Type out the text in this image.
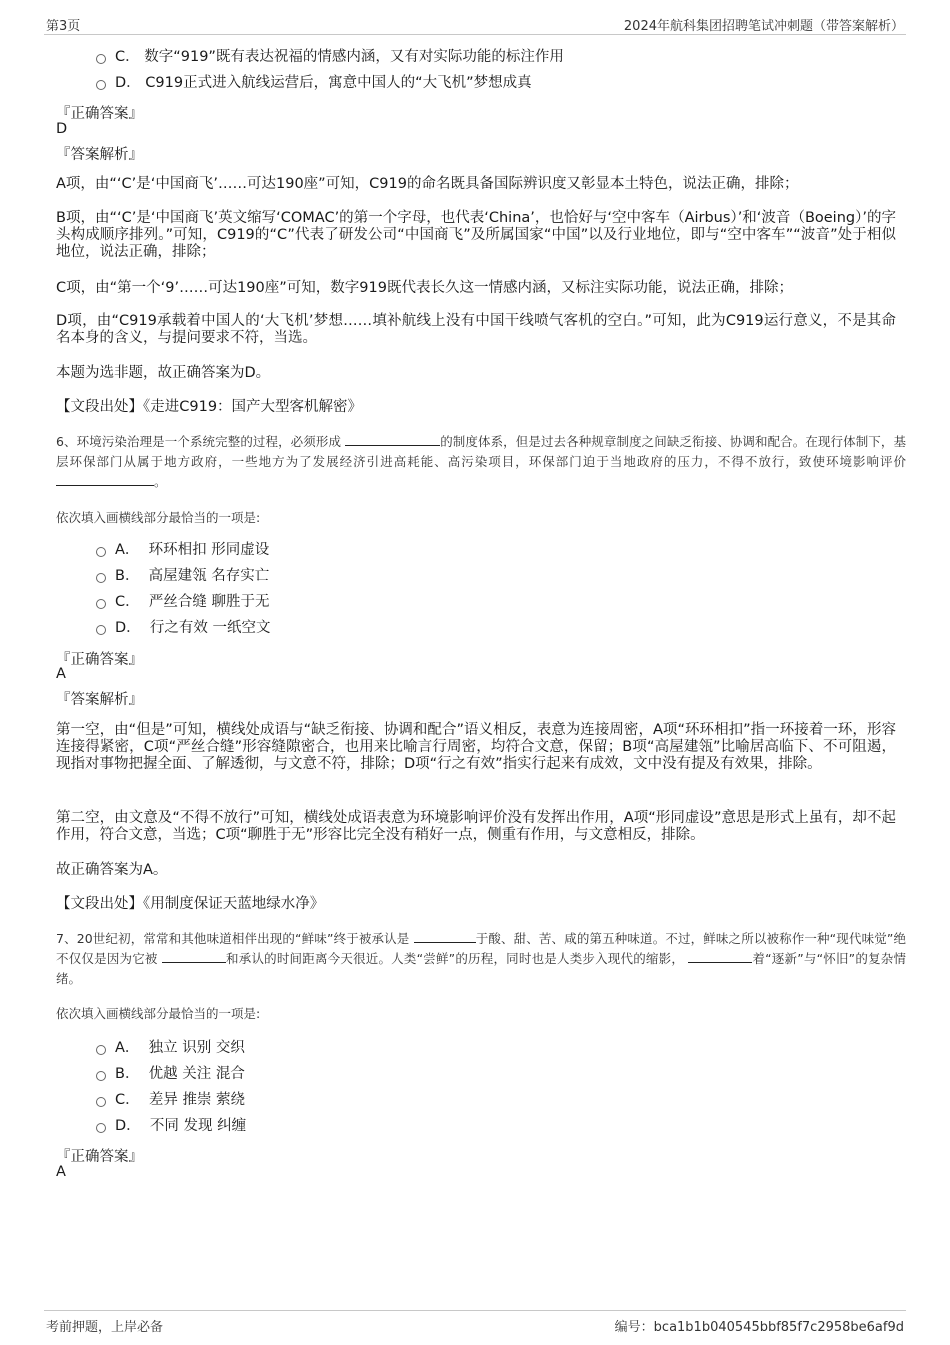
第3页	2024年航科集团招聘笔试冲刺题（带答案解析）
C． 数字“919”既有表达祝福的情感内涵，又有对实际功能的标注作用
D． C919正式进入航线运营后，寓意中国人的“大飞机”梦想成真
『正确答案』
D
『答案解析』
A项，由“‘C’是‘中国商飞’……可达190座”可知，C919的命名既具备国际辨识度又彰显本土特色，说法正确，排除；
B项，由“‘C’是‘中国商飞’英文缩写‘COMAC’的第一个字母，也代表‘China’，也恰好与‘空中客车（Airbus）’和‘波音（Boeing）’的字头构成顺序排列。”可知，C919的“C”代表了研发公司“中国商飞”及所属国家“中国”以及行业地位，即与“空中客车”“波音”处于相似地位，说法正确，排除；
C项，由“第一个‘9’……可达190座”可知，数字919既代表长久这一情感内涵，又标注实际功能，说法正确，排除；
D项，由“C919承载着中国人的‘大飞机’梦想……填补航线上没有中国干线喷气客机的空白。”可知，此为C919运行意义，不是其命名本身的含义，与提问要求不符，当选。
本题为选非题，故正确答案为D。
【文段出处】《走进C919：国产大型客机解密》
6、环境污染治理是一个系统完整的过程，必须形成	的制度体系，但是过去各种规章制度之间缺乏衔接、协调和配合。在现行体制下，基层环保部门从属于地方政府，一些地方为了发展经济引进高耗能、高污染项目，环保部门迫于当地政府的压力，不得不放行，致使环境影响评价 。
依次填入画横线部分最恰当的一项是:
A． 环环相扣 形同虚设
B． 高屋建瓴 名存实亡
C． 严丝合缝 聊胜于无
D． 行之有效 一纸空文
『正确答案』
A
『答案解析』
第一空，由“但是”可知，横线处成语与“缺乏衔接、协调和配合”语义相反，表意为连接周密，A项“环环相扣”指一环接着一环，形容连接得紧密，C项“严丝合缝”形容缝隙密合，也用来比喻言行周密，均符合文意，保留；B项“高屋建瓴”比喻居高临下、不可阻遏，现指对事物把握全面、了解透彻，与文意不符，排除；D项“行之有效”指实行起来有成效，文中没有提及有效果，排除。
第二空，由文意及“不得不放行”可知，横线处成语表意为环境影响评价没有发挥出作用，A项“形同虚设”意思是形式上虽有，却不起作用，符合文意，当选；C项“聊胜于无”形容比完全没有稍好一点，侧重有作用，与文意相反，排除。
故正确答案为A。
【文段出处】《用制度保证天蓝地绿水净》
7、20世纪初，常常和其他味道相伴出现的“鲜味”终于被承认是	于酸、甜、苦、咸的第五种味道。不过，鲜味之所以被称作一种“现代味觉”绝不仅仅是因为它被	和承认的时间距离今天很近。人类“尝鲜”的历程，同时也是人类步入现代的缩影，	着“逐新”与“怀旧”的复杂情绪。
依次填入画横线部分最恰当的一项是:
A． 独立 识别 交织
B． 优越 关注 混合
C． 差异 推崇 萦绕
D． 不同 发现 纠缠
『正确答案』
A
考前押题，上岸必备	编号：bca1b1b040545bbf85f7c2958be6af9d
